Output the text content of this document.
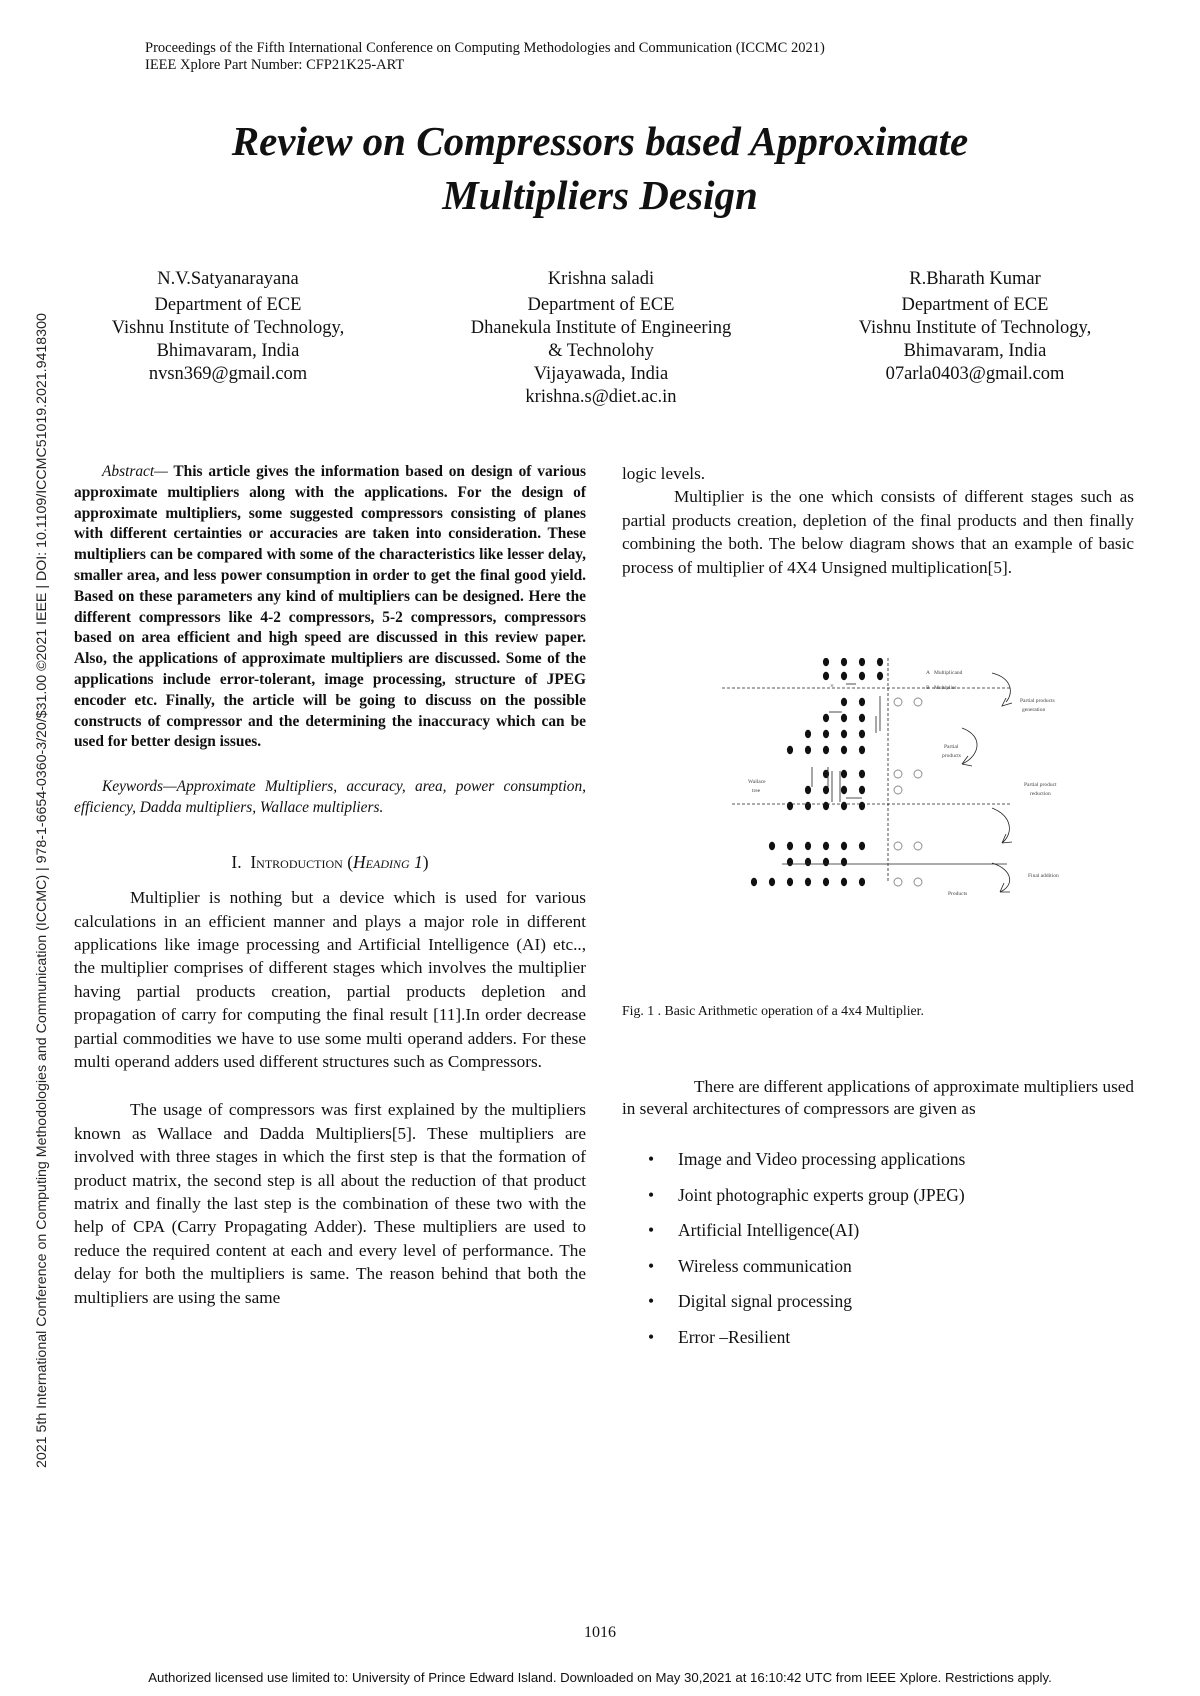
Proceedings of the Fifth International Conference on Computing Methodologies and Communication (ICCMC 2021)
IEEE Xplore Part Number: CFP21K25-ART
Review on Compressors based Approximate
Multipliers Design
N.V.Satyanarayana
Department of ECE
Vishnu Institute of Technology,
Bhimavaram, India
nvsn369@gmail.com
Krishna saladi
Department of ECE
Dhanekula Institute of Engineering
& Technolohy
Vijayawada, India
krishna.s@diet.ac.in
R.Bharath Kumar
Department of ECE
Vishnu Institute of Technology,
Bhimavaram, India
07arla0403@gmail.com
2021 5th International Conference on Computing Methodologies and Communication (ICCMC) | 978-1-6654-0360-3/20/$31.00 ©2021 IEEE | DOI: 10.1109/ICCMC51019.2021.9418300	Abstract— This article gives the information based on design of various approximate multipliers along with the applications. For the design of approximate multipliers, some suggested compressors consisting of planes with different certainties or accuracies are taken into consideration. These multipliers can be compared with some of the characteristics like lesser delay, smaller area, and less power consumption in order to get the final good yield. Based on these parameters any kind of multipliers can be designed. Here the different compressors like 4-2 compressors, 5-2 compressors, compressors based on area efficient and high speed are discussed in this review paper. Also, the applications of approximate multipliers are discussed. Some of the applications include error-tolerant, image processing, structure of JPEG encoder etc. Finally, the article will be going to discuss on the possible constructs of compressor and the determining the inaccuracy which can be used for better design issues.

Keywords—Approximate Multipliers, accuracy, area, power consumption, efficiency, Dadda multipliers, Wallace multipliers.

I. Introduction (Heading 1)

Multiplier is nothing but a device which is used for various calculations in an efficient manner and plays a major role in different applications like image processing and Artificial Intelligence (AI) etc.., the multiplier comprises of different stages which involves the multiplier having partial products creation, partial products depletion and propagation of carry for computing the final result [11].In order decrease partial commodities we have to use some multi operand adders. For these multi operand adders used different structures such as Compressors.

The usage of compressors was first explained by the multipliers known as Wallace and Dadda Multipliers[5]. These multipliers are involved with three stages in which the first step is that the formation of product matrix, the second step is all about the reduction of that product matrix and finally the last step is the combination of these two with the help of CPA (Carry Propagating Adder). These multipliers are used to reduce the required content at each and every level of performance. The delay for both the multipliers is same. The reason behind that both the multipliers are using the same

logic levels.

Multiplier is the one which consists of different stages such as partial products creation, depletion of the final products and then finally combining the both. The below diagram shows that an example of basic process of multiplier of 4X4 Unsigned multiplication[5].

A Multiplicand
B Multiplier
×
Partial products
generation
Partial
products
Wallace
tree
Partial product
reduction
Products
Final addition
Fig. 1 . Basic Arithmetic operation of a 4x4 Multiplier.

There are different applications of approximate multipliers used in several architectures of compressors are given as

• Image and Video processing applications
• Joint photographic experts group (JPEG)
• Artificial Intelligence(AI)
• Wireless communication
• Digital signal processing
• Error –Resilient
1016
Authorized licensed use limited to: University of Prince Edward Island. Downloaded on May 30,2021 at 16:10:42 UTC from IEEE Xplore. Restrictions apply.
